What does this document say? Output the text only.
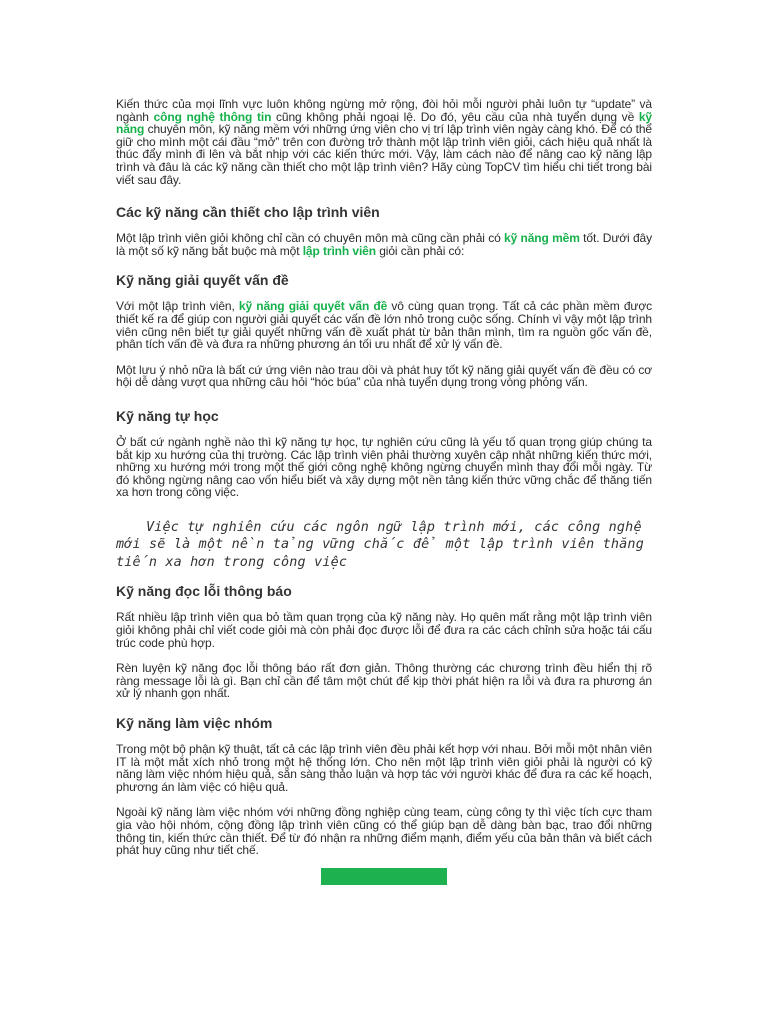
Kiến thức của mọi lĩnh vực luôn không ngừng mở rộng, đòi hỏi mỗi người phải luôn tự “update” và ngành công nghệ thông tin cũng không phải ngoại lệ. Do đó, yêu cầu của nhà tuyển dụng về kỹ năng chuyên môn, kỹ năng mềm với những ứng viên cho vị trí lập trình viên ngày càng khó. Để có thể giữ cho mình một cái đầu “mở” trên con đường trở thành một lập trình viên giỏi, cách hiệu quả nhất là thúc đẩy mình đi lên và bắt nhịp với các kiến thức mới. Vậy, làm cách nào để nâng cao kỹ năng lập trình và đâu là các kỹ năng cần thiết cho một lập trình viên? Hãy cùng TopCV tìm hiểu chi tiết trong bài viết sau đây.

Các kỹ năng cần thiết cho lập trình viên

Một lập trình viên giỏi không chỉ cần có chuyên môn mà cũng cần phải có kỹ năng mềm tốt. Dưới đây là một số kỹ năng bắt buộc mà một lập trình viên giỏi cần phải có:

Kỹ năng giải quyết vấn đề

Với một lập trình viên, kỹ năng giải quyết vấn đề vô cùng quan trọng. Tất cả các phần mềm được thiết kế ra để giúp con người giải quyết các vấn đề lớn nhỏ trong cuộc sống. Chính vì vậy một lập trình viên cũng nên biết tự giải quyết những vấn đề xuất phát từ bản thân mình, tìm ra nguồn gốc vấn đề, phân tích vấn đề và đưa ra những phương án tối ưu nhất để xử lý vấn đề.

Một lưu ý nhỏ nữa là bất cứ ứng viên nào trau dồi và phát huy tốt kỹ năng giải quyết vấn đề đều có cơ hội dễ dàng vượt qua những câu hỏi “hóc búa” của nhà tuyển dụng trong vòng phỏng vấn.

Kỹ năng tự học

Ở bất cứ ngành nghề nào thì kỹ năng tự học, tự nghiên cứu cũng là yếu tố quan trọng giúp chúng ta bắt kịp xu hướng của thị trường. Các lập trình viên phải thường xuyên cập nhật những kiến thức mới, những xu hướng mới trong một thế giới công nghệ không ngừng chuyển mình thay đổi mỗi ngày. Từ đó không ngừng nâng cao vốn hiểu biết và xây dựng một nền tảng kiến thức vững chắc để thăng tiến xa hơn trong công việc.

Việc tự nghiên cứu các ngôn ngữ lập trình mới, các công nghệ mới sẽ là một nền tảng vững chắc để một lập trình viên thăng tiến xa hơn trong công việc

Kỹ năng đọc lỗi thông báo

Rất nhiều lập trình viên qua bỏ tầm quan trọng của kỹ năng này. Họ quên mất rằng một lập trình viên giỏi không phải chỉ viết code giỏi mà còn phải đọc được lỗi để đưa ra các cách chỉnh sửa hoặc tái cấu trúc code phù hợp.

Rèn luyện kỹ năng đọc lỗi thông báo rất đơn giản. Thông thường các chương trình đều hiển thị rõ ràng message lỗi là gì. Bạn chỉ cần để tâm một chút để kịp thời phát hiện ra lỗi và đưa ra phương án xử lý nhanh gọn nhất.

Kỹ năng làm việc nhóm

Trong một bộ phận kỹ thuật, tất cả các lập trình viên đều phải kết hợp với nhau. Bởi mỗi một nhân viên IT là một mắt xích nhỏ trong một hệ thống lớn. Cho nên một lập trình viên giỏi phải là người có kỹ năng làm việc nhóm hiệu quả, sẵn sàng thảo luận và hợp tác với người khác để đưa ra các kế hoạch, phương án làm việc có hiệu quả.

Ngoài kỹ năng làm việc nhóm với những đồng nghiệp cùng team, cùng công ty thì việc tích cực tham gia vào hội nhóm, cộng đồng lập trình viên cũng có thể giúp bạn dễ dàng bàn bạc, trao đổi những thông tin, kiến thức cần thiết. Để từ đó nhận ra những điểm mạnh, điểm yếu của bản thân và biết cách phát huy cũng như tiết chế.
